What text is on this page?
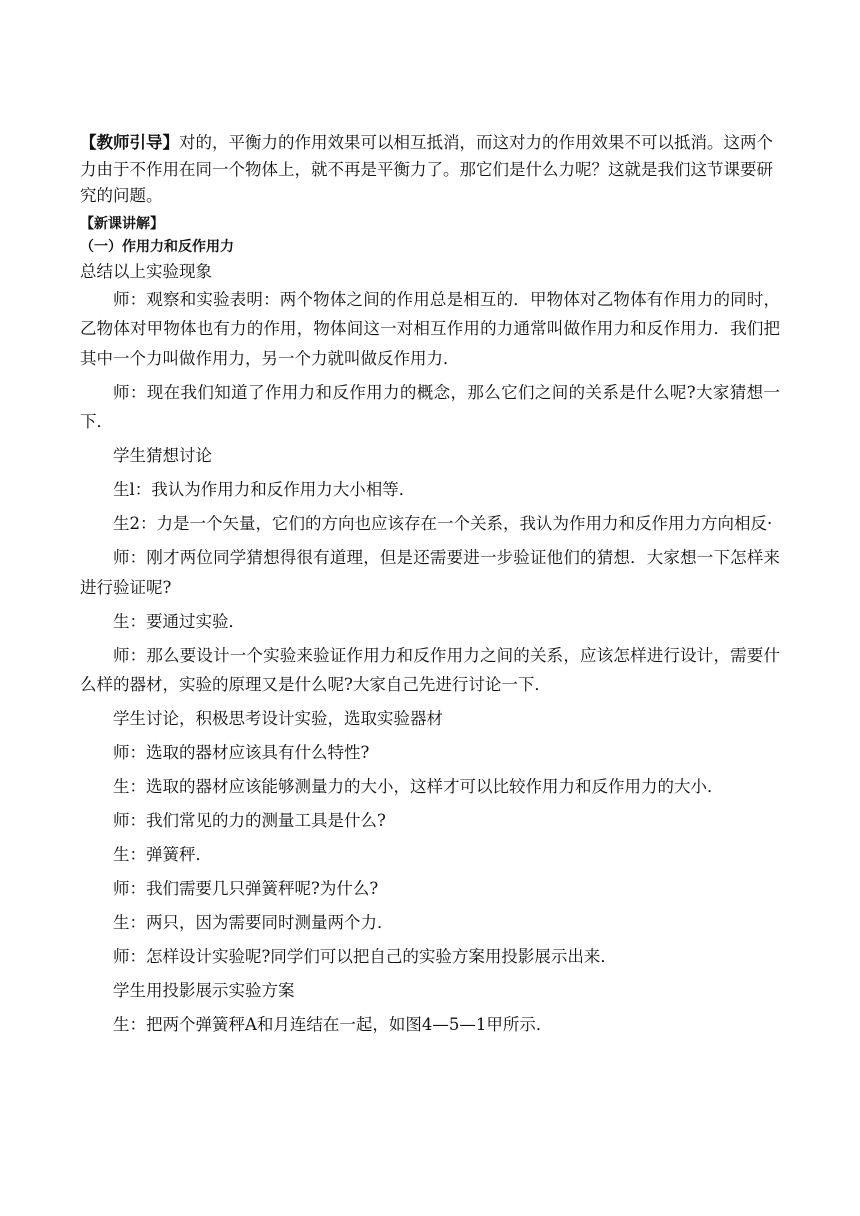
【教师引导】对的，平衡力的作用效果可以相互抵消，而这对力的作用效果不可以抵消。这两个力由于不作用在同一个物体上，就不再是平衡力了。那它们是什么力呢？这就是我们这节课要研究的问题。

【新课讲解】

（一）作用力和反作用力

总结以上实验现象

师：观察和实验表明：两个物体之间的作用总是相互的．甲物体对乙物体有作用力的同时，乙物体对甲物体也有力的作用，物体间这一对相互作用的力通常叫做作用力和反作用力．我们把其中一个力叫做作用力，另一个力就叫做反作用力．

师：现在我们知道了作用力和反作用力的概念，那么它们之间的关系是什么呢?大家猜想一下．

学生猜想讨论

生l：我认为作用力和反作用力大小相等．

生2：力是一个矢量，它们的方向也应该存在一个关系，我认为作用力和反作用力方向相反·

师：刚才两位同学猜想得很有道理，但是还需要进一步验证他们的猜想．大家想一下怎样来进行验证呢?

生：要通过实验．

师：那么要设计一个实验来验证作用力和反作用力之间的关系，应该怎样进行设计，需要什么样的器材，实验的原理又是什么呢?大家自己先进行讨论一下．

学生讨论，积极思考设计实验，选取实验器材

师：选取的器材应该具有什么特性?

生：选取的器材应该能够测量力的大小，这样才可以比较作用力和反作用力的大小．

师：我们常见的力的测量工具是什么?

生：弹簧秤．

师：我们需要几只弹簧秤呢?为什么?

生：两只，因为需要同时测量两个力．

师：怎样设计实验呢?同学们可以把自己的实验方案用投影展示出来．

学生用投影展示实验方案

生：把两个弹簧秤A和月连结在一起，如图4—5—1甲所示．
